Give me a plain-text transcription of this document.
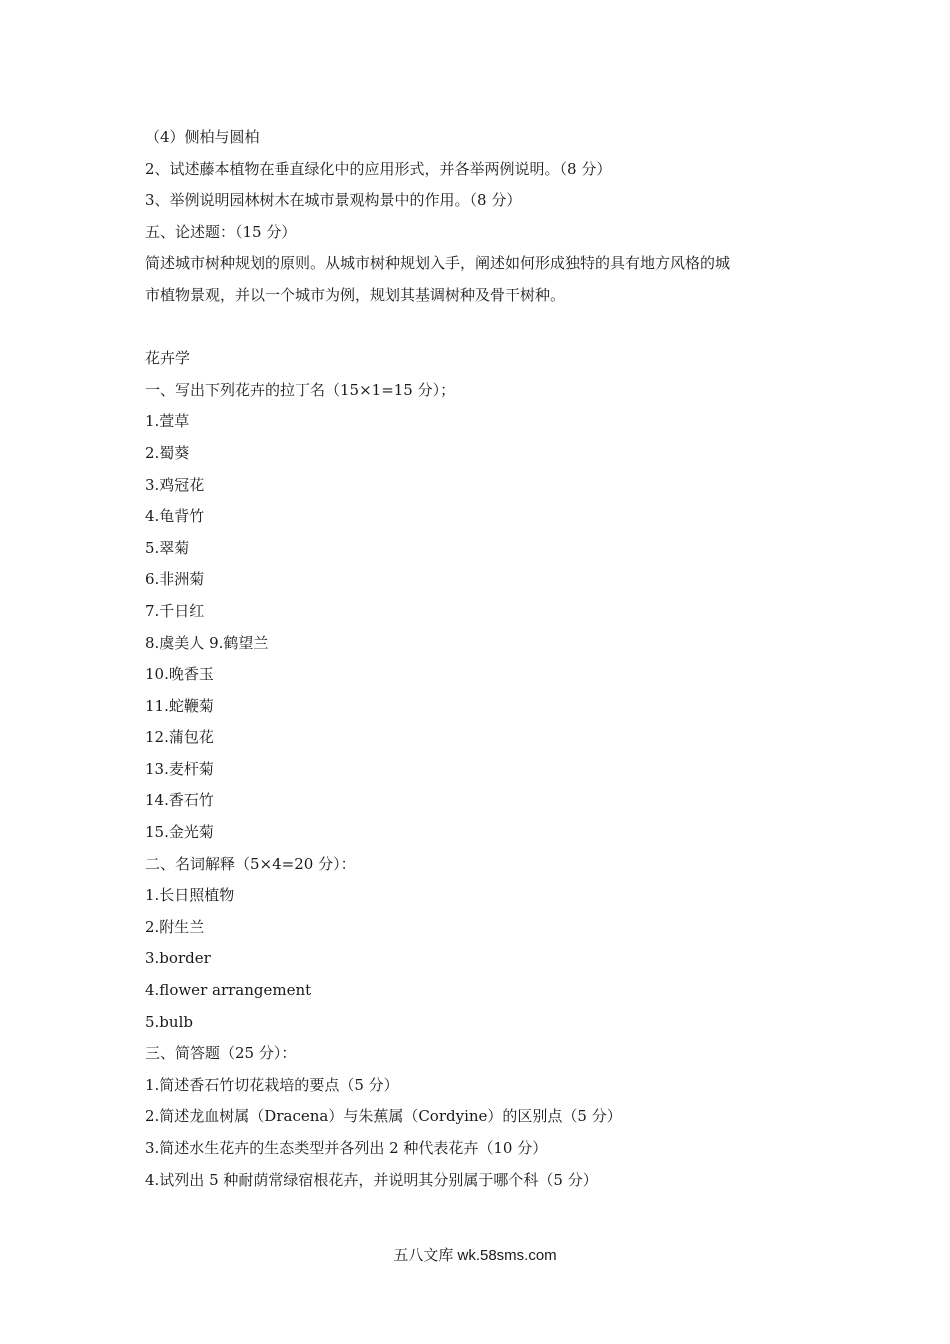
（4）侧柏与圆柏
2、试述藤本植物在垂直绿化中的应用形式，并各举两例说明。（8 分）
3、举例说明园林树木在城市景观构景中的作用。（8 分）
五、论述题：（15 分）
简述城市树种规划的原则。从城市树种规划入手，阐述如何形成独特的具有地方风格的城
市植物景观，并以一个城市为例，规划其基调树种及骨干树种。
花卉学
一、写出下列花卉的拉丁名（15×1=15 分）；
1.萱草
2.蜀葵
3.鸡冠花
4.龟背竹
5.翠菊
6.非洲菊
7.千日红
8.虞美人 9.鹤望兰
10.晚香玉
11.蛇鞭菊
12.蒲包花
13.麦杆菊
14.香石竹
15.金光菊
二、名词解释（5×4=20 分）：
1.长日照植物
2.附生兰
3.border
4.flower arrangement
5.bulb
三、简答题（25 分）：
1.简述香石竹切花栽培的要点（5 分）
2.简述龙血树属（Dracena）与朱蕉属（Cordyine）的区别点（5 分）
3.简述水生花卉的生态类型并各列出 2 种代表花卉（10 分）
4.试列出 5 种耐荫常绿宿根花卉，并说明其分别属于哪个科（5 分）
五八文库 wk.58sms.com
